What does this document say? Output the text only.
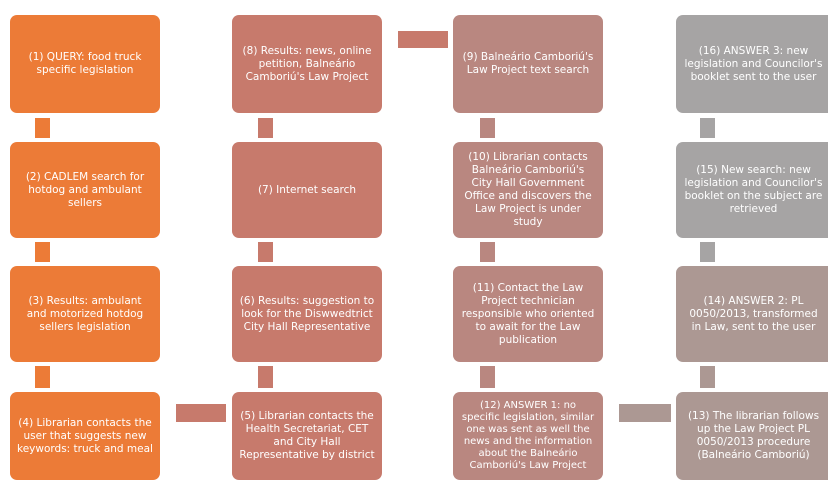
(1) QUERY: food truck specific legislation
(2) CADLEM search for hotdog and ambulant sellers
(3) Results: ambulant and motorized hotdog sellers legislation
(4) Librarian contacts the user that suggests new keywords: truck and meal
(8) Results: news, online petition, Balneário Camboriú's Law Project
(7) Internet search
(6) Results: suggestion to look for the Diswwedtrict City Hall Representative
(5) Librarian contacts the Health Secretariat, CET and City Hall Representative by district
(9) Balneário Camboriú's Law Project text search
(10) Librarian contacts Balneário Camboriú's City Hall Government Office and discovers the Law Project is under study
(11) Contact the Law Project technician responsible who oriented to await for the Law publication
(12) ANSWER 1: no specific legislation, similar one was sent as well the news and the information about the Balneário Camboriú's Law Project
(16) ANSWER 3: new legislation and Councilor's booklet sent to the user
(15) New search: new legislation and Councilor's booklet on the subject are retrieved
(14) ANSWER 2: PL 0050/2013, transformed in Law, sent to the user
(13) The librarian follows up the Law Project PL 0050/2013 procedure (Balneário Camboriú)
